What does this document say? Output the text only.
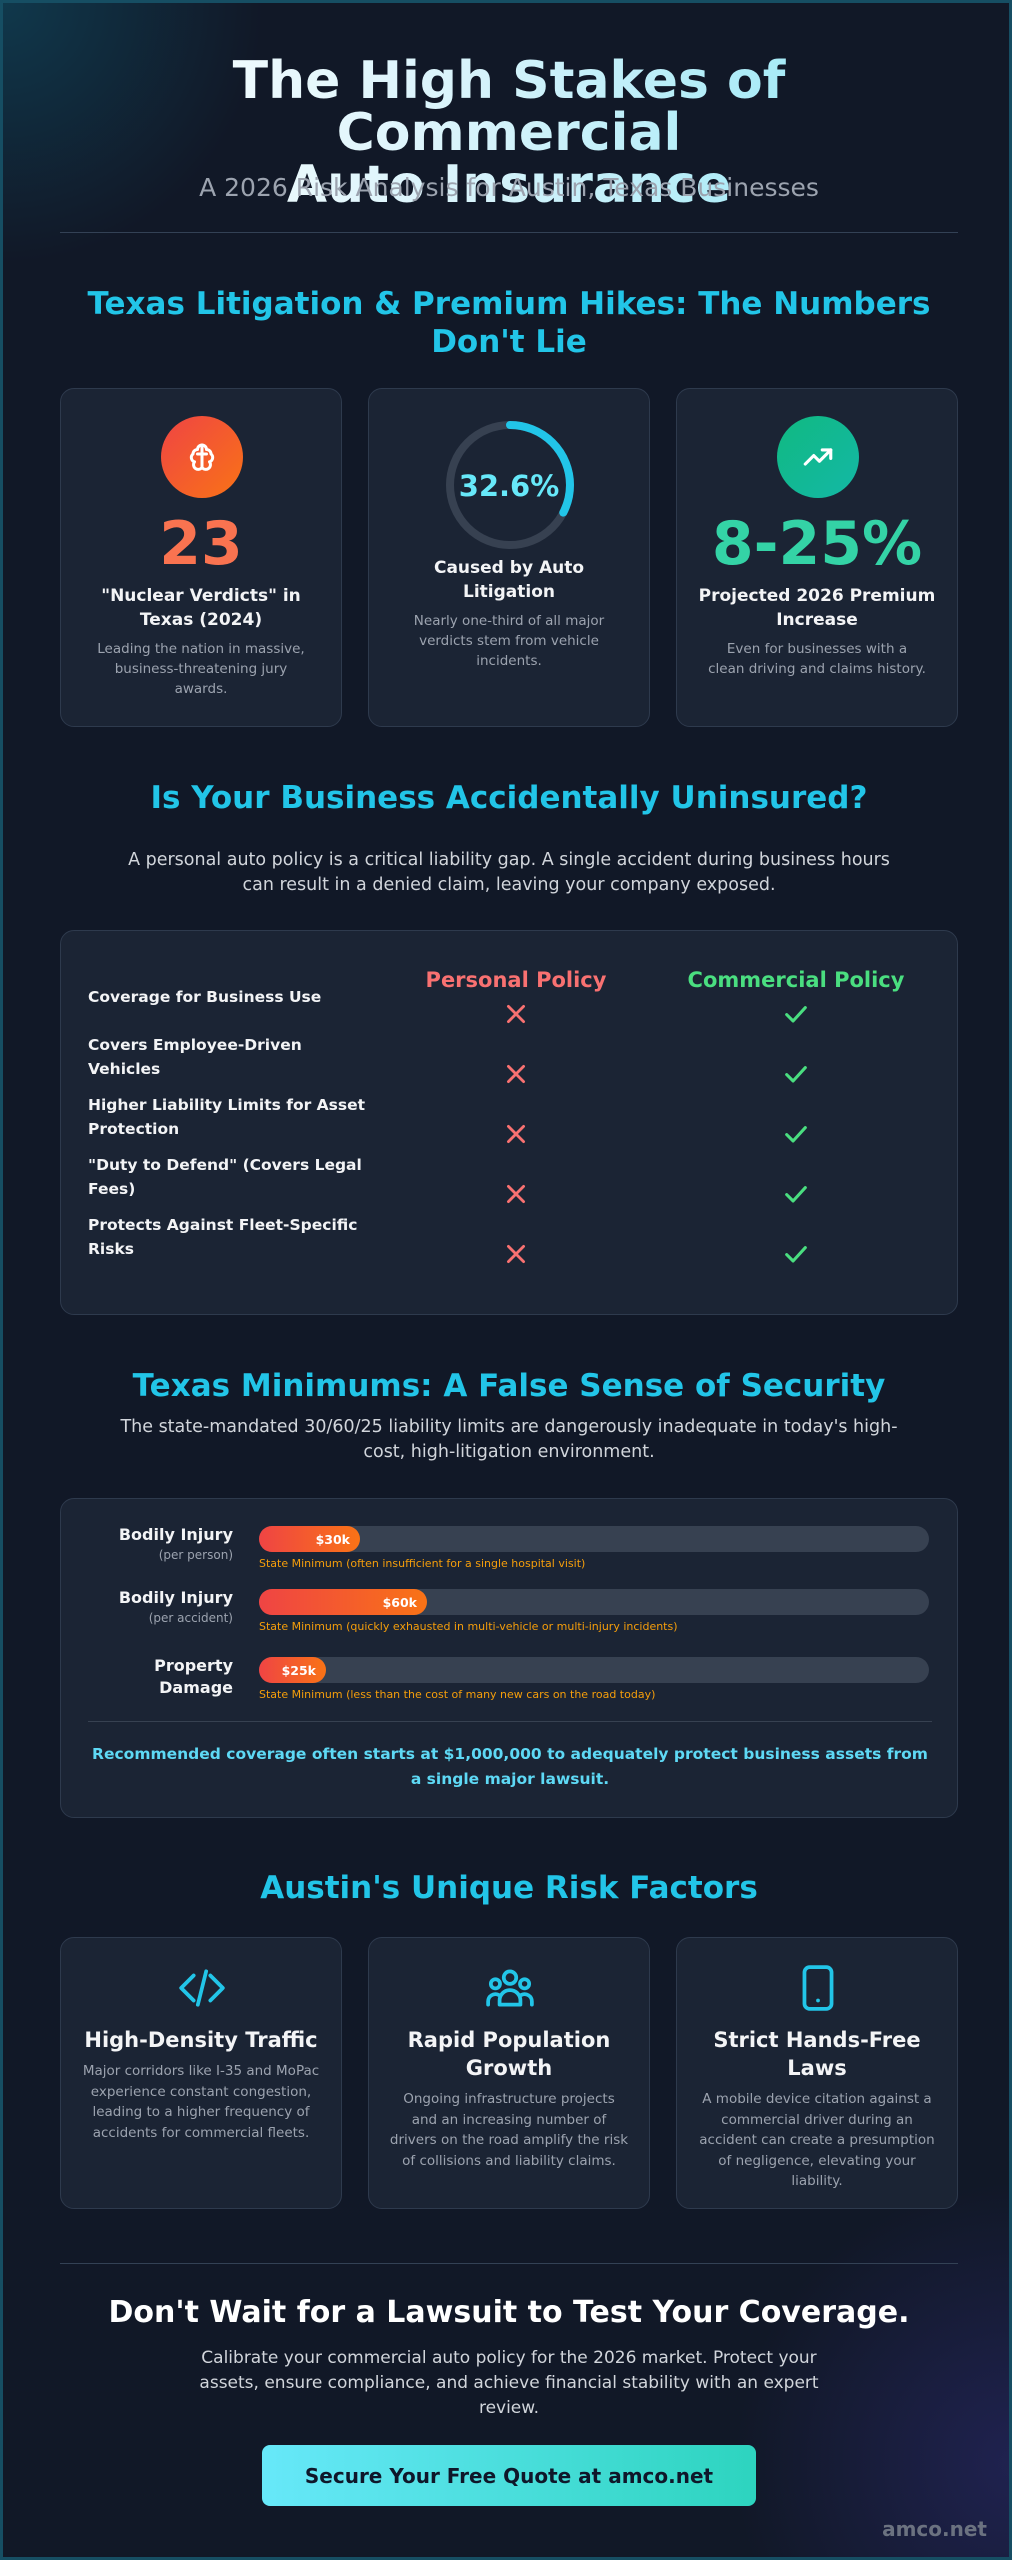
The High Stakes of Commercial
Auto Insurance
A 2026 Risk Analysis for Austin, Texas Businesses
Texas Litigation & Premium Hikes: The Numbers Don't Lie
23
"Nuclear Verdicts" in Texas (2024)
Leading the nation in massive, business-threatening jury awards.
32.6%
Caused by Auto Litigation
Nearly one-third of all major verdicts stem from vehicle incidents.
8-25%
Projected 2026 Premium Increase
Even for businesses with a clean driving and claims history.
Is Your Business Accidentally Uninsured?
A personal auto policy is a critical liability gap. A single accident during business hours can result in a denied claim, leaving your company exposed.
Personal Policy	Commercial Policy
Coverage for Business Use
Covers Employee-Driven Vehicles
Higher Liability Limits for Asset Protection
"Duty to Defend" (Covers Legal Fees)
Protects Against Fleet-Specific Risks
Texas Minimums: A False Sense of Security
The state-mandated 30/60/25 liability limits are dangerously inadequate in today's high-cost, high-litigation environment.
Bodily Injury
(per person)
$30k
State Minimum (often insufficient for a single hospital visit)
Bodily Injury
(per accident)
$60k
State Minimum (quickly exhausted in multi-vehicle or multi-injury incidents)
Property Damage
$25k
State Minimum (less than the cost of many new cars on the road today)
Recommended coverage often starts at $1,000,000 to adequately protect business assets from a single major lawsuit.
Austin's Unique Risk Factors
High-Density Traffic
Major corridors like I-35 and MoPac experience constant congestion, leading to a higher frequency of accidents for commercial fleets.
Rapid Population Growth
Ongoing infrastructure projects and an increasing number of drivers on the road amplify the risk of collisions and liability claims.
Strict Hands-Free Laws
A mobile device citation against a commercial driver during an accident can create a presumption of negligence, elevating your liability.
Don't Wait for a Lawsuit to Test Your Coverage.
Calibrate your commercial auto policy for the 2026 market. Protect your assets, ensure compliance, and achieve financial stability with an expert review.
Secure Your Free Quote at amco.net
amco.net
